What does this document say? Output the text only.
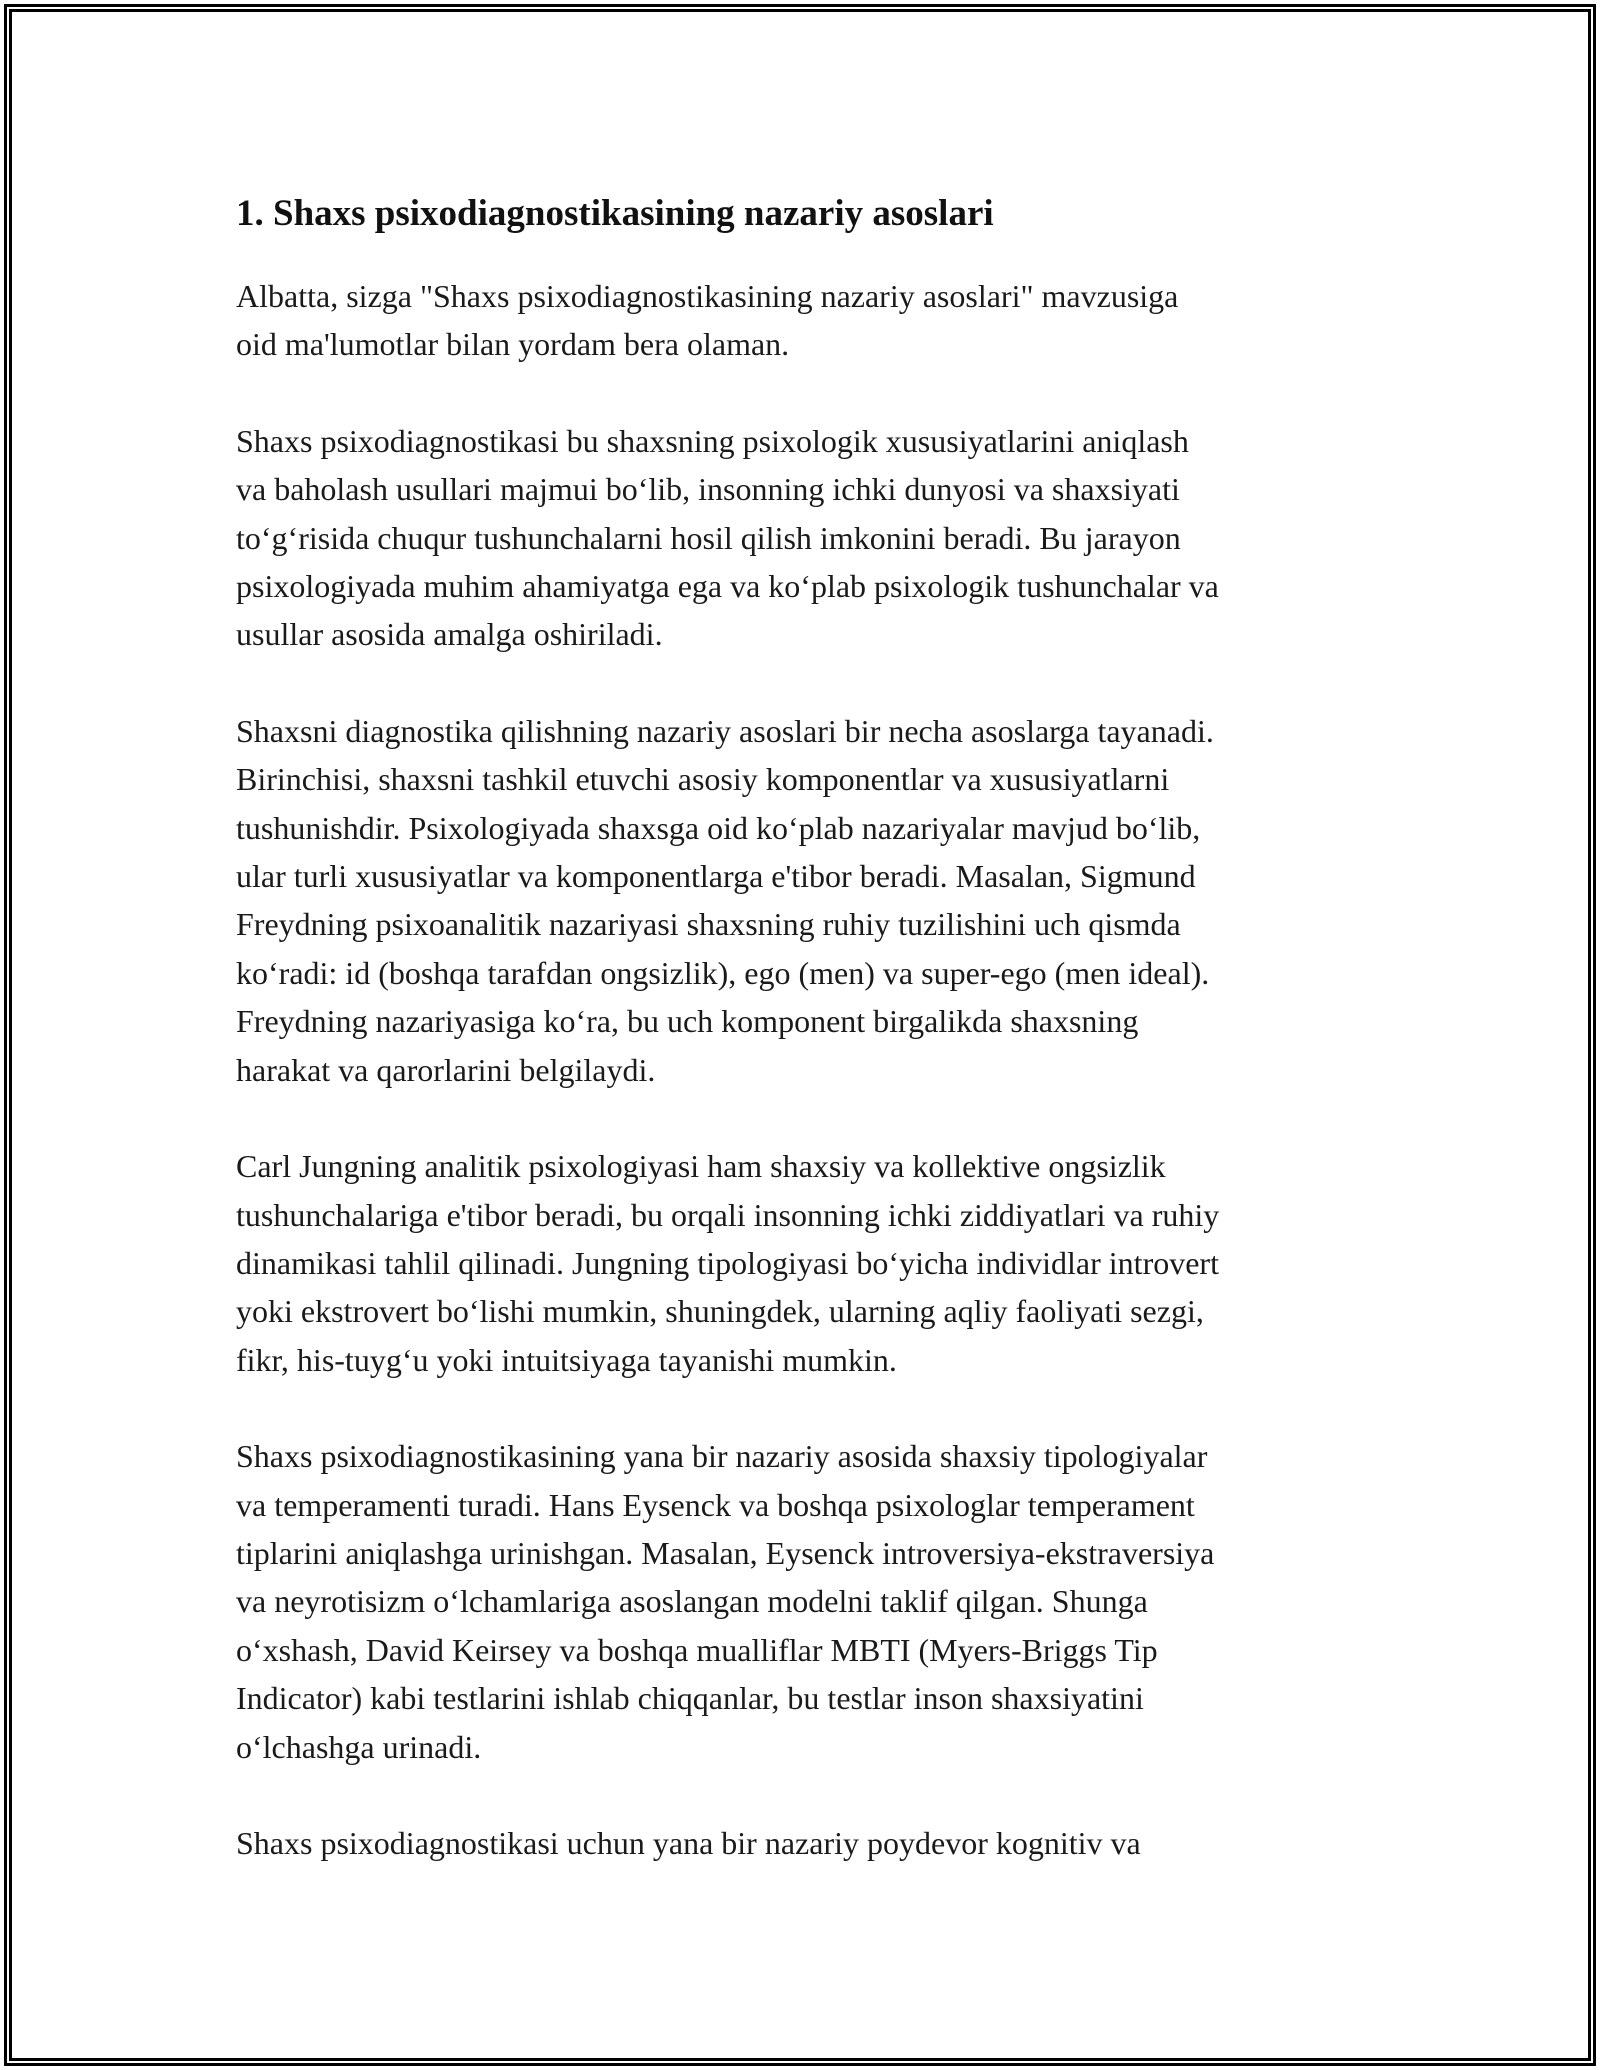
1. Shaxs psixodiagnostikasining nazariy asoslari

Albatta, sizga "Shaxs psixodiagnostikasining nazariy asoslari" mavzusiga
oid ma'lumotlar bilan yordam bera olaman.

Shaxs psixodiagnostikasi bu shaxsning psixologik xususiyatlarini aniqlash
va baholash usullari majmui boʻlib, insonning ichki dunyosi va shaxsiyati
toʻgʻrisida chuqur tushunchalarni hosil qilish imkonini beradi. Bu jarayon
psixologiyada muhim ahamiyatga ega va koʻplab psixologik tushunchalar va
usullar asosida amalga oshiriladi.

Shaxsni diagnostika qilishning nazariy asoslari bir necha asoslarga tayanadi.
Birinchisi, shaxsni tashkil etuvchi asosiy komponentlar va xususiyatlarni
tushunishdir. Psixologiyada shaxsga oid koʻplab nazariyalar mavjud boʻlib,
ular turli xususiyatlar va komponentlarga e'tibor beradi. Masalan, Sigmund
Freydning psixoanalitik nazariyasi shaxsning ruhiy tuzilishini uch qismda
koʻradi: id (boshqa tarafdan ongsizlik), ego (men) va super-ego (men ideal).
Freydning nazariyasiga koʻra, bu uch komponent birgalikda shaxsning
harakat va qarorlarini belgilaydi.

Carl Jungning analitik psixologiyasi ham shaxsiy va kollektive ongsizlik
tushunchalariga e'tibor beradi, bu orqali insonning ichki ziddiyatlari va ruhiy
dinamikasi tahlil qilinadi. Jungning tipologiyasi boʻyicha individlar introvert
yoki ekstrovert boʻlishi mumkin, shuningdek, ularning aqliy faoliyati sezgi,
fikr, his-tuygʻu yoki intuitsiyaga tayanishi mumkin.

Shaxs psixodiagnostikasining yana bir nazariy asosida shaxsiy tipologiyalar
va temperamenti turadi. Hans Eysenck va boshqa psixologlar temperament
tiplarini aniqlashga urinishgan. Masalan, Eysenck introversiya-ekstraversiya
va neyrotisizm oʻlchamlariga asoslangan modelni taklif qilgan. Shunga
oʻxshash, David Keirsey va boshqa mualliflar MBTI (Myers-Briggs Tip
Indicator) kabi testlarini ishlab chiqqanlar, bu testlar inson shaxsiyatini
oʻlchashga urinadi.

Shaxs psixodiagnostikasi uchun yana bir nazariy poydevor kognitiv va
